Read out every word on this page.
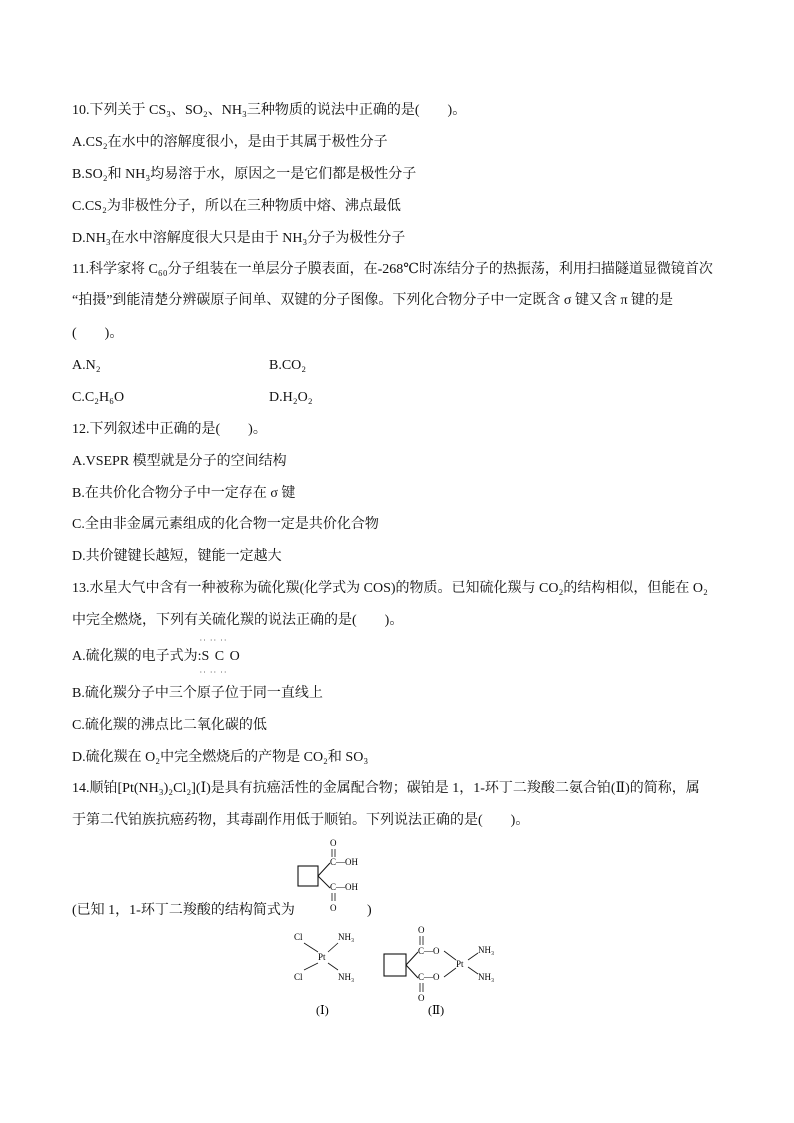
10.下列关于 CS₃、SO₂、NH₃三种物质的说法中正确的是(　　)。
A.CS₂在水中的溶解度很小，是由于其属于极性分子
B.SO₂和 NH₃均易溶于水，原因之一是它们都是极性分子
C.CS₂为非极性分子，所以在三种物质中熔、沸点最低
D.NH₃在水中溶解度很大只是由于 NH₃分子为极性分子
11.科学家将 C₆₀分子组装在一单层分子膜表面，在-268℃时冻结分子的热振荡，利用扫描隧道显微镜首次
“拍摄”到能清楚分辨碳原子间单、双键的分子图像。下列化合物分子中一定既含 σ 键又含 π 键的是
(　　)。
A.N₂	B.CO₂
C.C₂H₆O	D.H₂O₂
12.下列叙述中正确的是(　　)。
A.VSEPR 模型就是分子的空间结构
B.在共价化合物分子中一定存在 σ 键
C.全由非金属元素组成的化合物一定是共价化合物
D.共价键键长越短，键能一定越大
13.水星大气中含有一种被称为硫化羰(化学式为 COS)的物质。已知硫化羰与 CO₂的结构相似，但能在 O₂
中完全燃烧，下列有关硫化羰的说法正确的是(　　)。
A.硫化羰的电子式为:
·· ·· ··
S C O
·· ·· ··
B.硫化羰分子中三个原子位于同一直线上
C.硫化羰的沸点比二氧化碳的低
D.硫化羰在 O₂中完全燃烧后的产物是 CO₂和 SO₃
14.顺铂[Pt(NH₃)₂Cl₂](Ⅰ)是具有抗癌活性的金属配合物；碳铂是 1，1-环丁二羧酸二氨合铂(Ⅱ)的简称，属
于第二代铂族抗癌药物，其毒副作用低于顺铂。下列说法正确的是(　　)。
O
C—OH
C—OH
O
(已知 1，1-环丁二羧酸的结构简式为	)
Cl	NH₃
Pt
Cl	NH₃
(Ⅰ)
O
C—O
Pt
C—O
O
NH₃
NH₃
(Ⅱ)
